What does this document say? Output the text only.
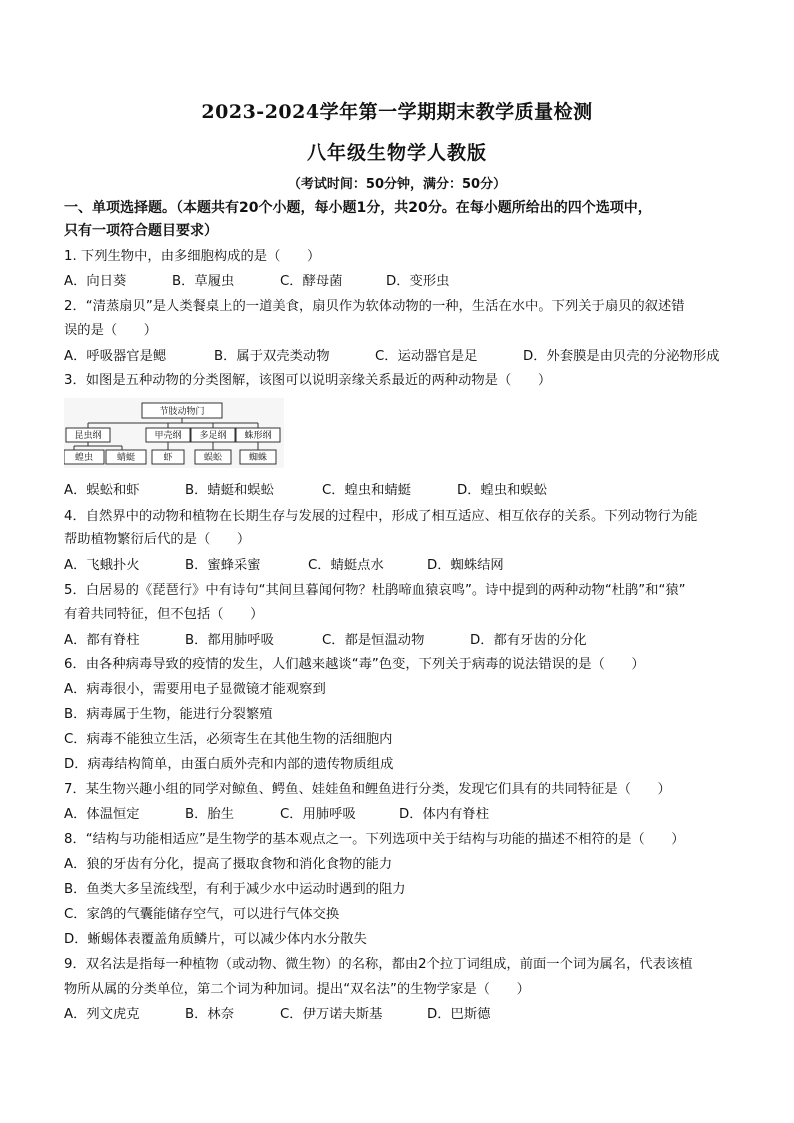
2023-2024学年第一学期期末教学质量检测
八年级生物学人教版
（考试时间：50分钟，满分：50分）
一、单项选择题。（本题共有20个小题，每小题1分，共20分。在每小题所给出的四个选项中，
只有一项符合题目要求）
1. 下列生物中，由多细胞构成的是（　　）
A．向日葵	B．草履虫	C．酵母菌	D．变形虫
2．“清蒸扇贝”是人类餐桌上的一道美食，扇贝作为软体动物的一种，生活在水中。下列关于扇贝的叙述错
误的是（　　）
A．呼吸器官是鳃	B．属于双壳类动物	C．运动器官是足	D．外套膜是由贝壳的分泌物形成
3．如图是五种动物的分类图解，该图可以说明亲缘关系最近的两种动物是（　　）
节肢动物门
昆虫纲	甲壳纲 多足纲 蛛形纲
蝗虫	蜻蜓	虾	蜈蚣	蜘蛛
A．蜈蚣和虾	B．蜻蜓和蜈蚣	C．蝗虫和蜻蜓	D．蝗虫和蜈蚣
4．自然界中的动物和植物在长期生存与发展的过程中，形成了相互适应、相互依存的关系。下列动物行为能
帮助植物繁衍后代的是（　　）
A．飞蛾扑火	B．蜜蜂采蜜	C．蜻蜓点水	D．蜘蛛结网
5．白居易的《琵琶行》中有诗句“其间旦暮闻何物？杜鹃啼血猿哀鸣”。诗中提到的两种动物“杜鹃”和“猿”
有着共同特征，但不包括（　　）
A．都有脊柱	B．都用肺呼吸	C．都是恒温动物	D．都有牙齿的分化
6．由各种病毒导致的疫情的发生，人们越来越谈“毒”色变，下列关于病毒的说法错误的是（　　）
A．病毒很小，需要用电子显微镜才能观察到
B．病毒属于生物，能进行分裂繁殖
C．病毒不能独立生活，必须寄生在其他生物的活细胞内
D．病毒结构简单，由蛋白质外壳和内部的遗传物质组成
7．某生物兴趣小组的同学对鲸鱼、鳄鱼、娃娃鱼和鲤鱼进行分类，发现它们具有的共同特征是（　　）
A．体温恒定	B．胎生	C．用肺呼吸	D．体内有脊柱
8．“结构与功能相适应”是生物学的基本观点之一。下列选项中关于结构与功能的描述不相符的是（　　）
A．狼的牙齿有分化，提高了摄取食物和消化食物的能力
B．鱼类大多呈流线型，有利于减少水中运动时遇到的阻力
C．家鸽的气囊能储存空气，可以进行气体交换
D．蜥蜴体表覆盖角质鳞片，可以减少体内水分散失
9．双名法是指每一种植物（或动物、微生物）的名称，都由2个拉丁词组成，前面一个词为属名，代表该植
物所从属的分类单位，第二个词为种加词。提出“双名法”的生物学家是（　　）
A．列文虎克	B．林奈	C．伊万诺夫斯基	D．巴斯德
